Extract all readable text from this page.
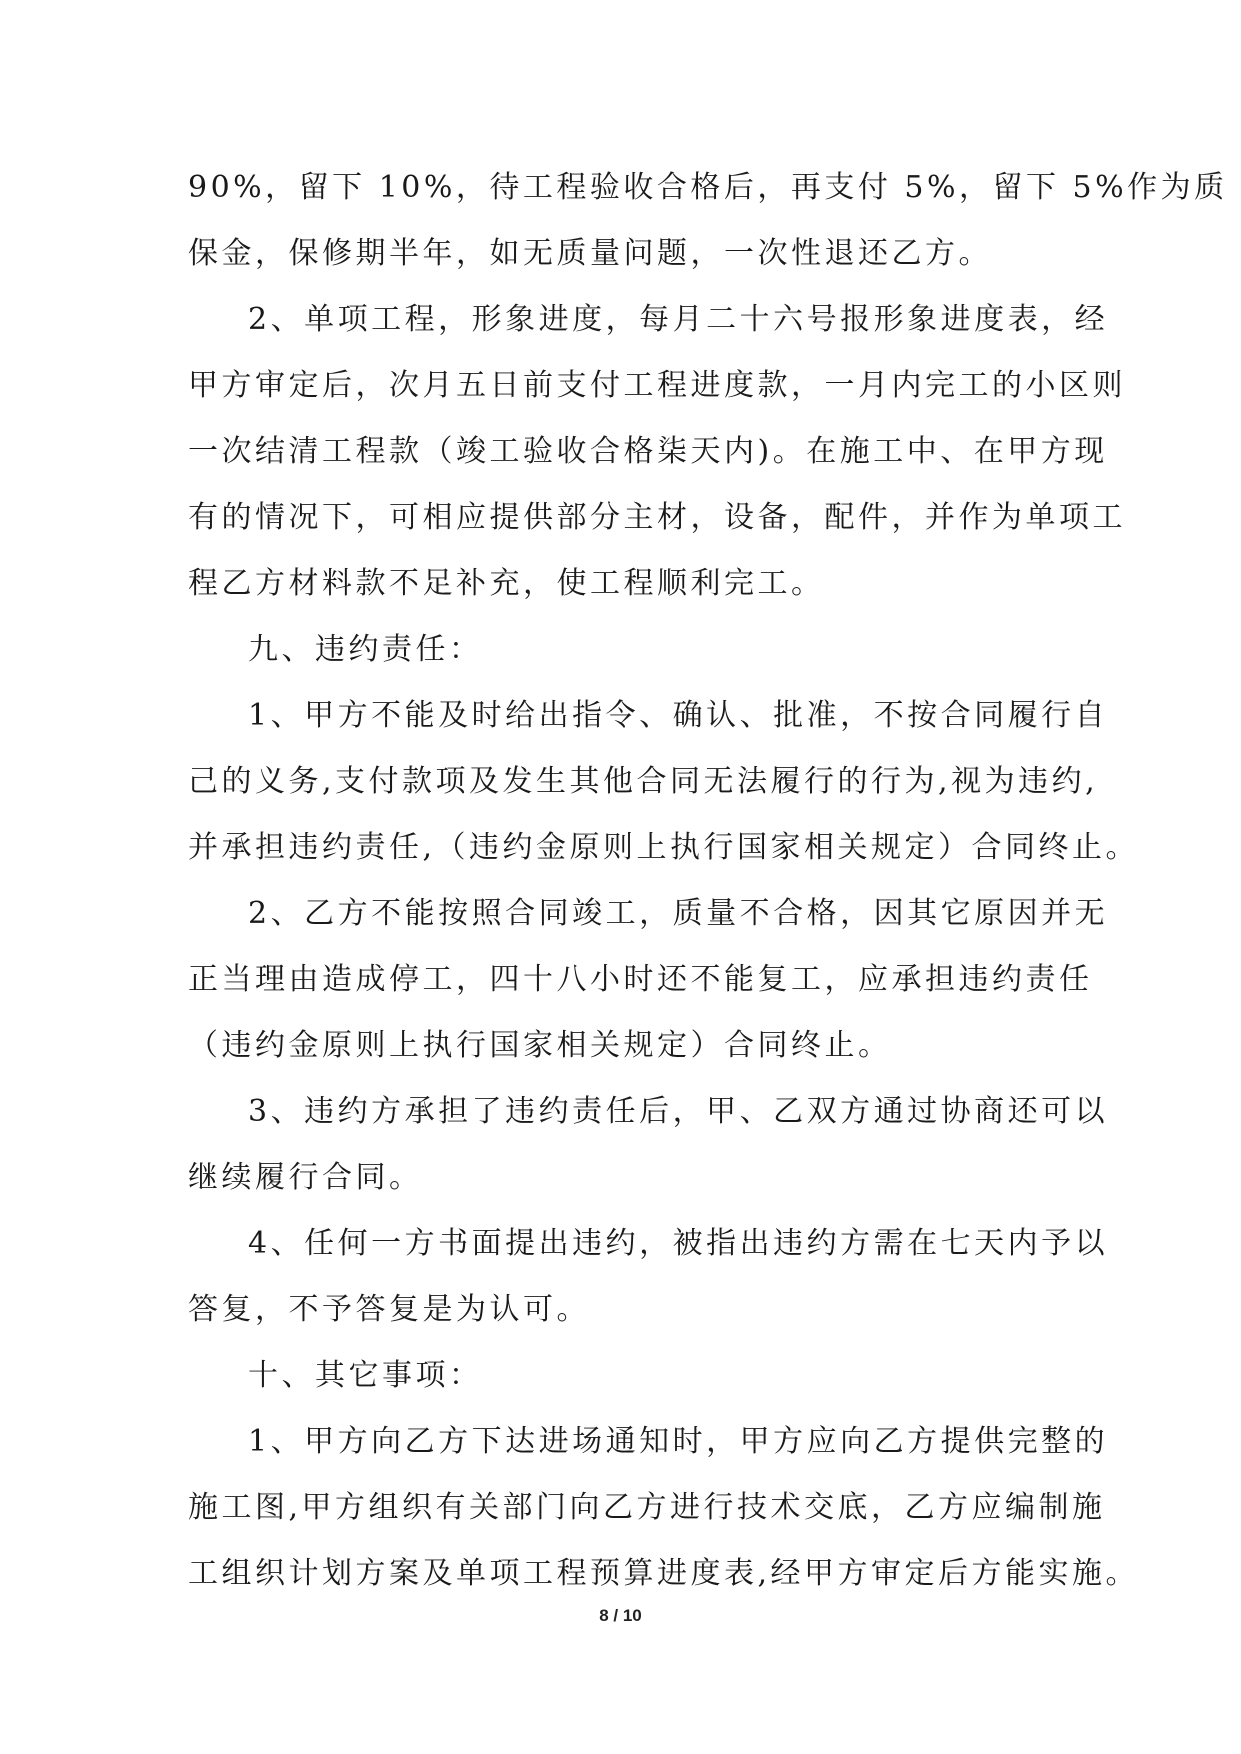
90%，留下 10%，待工程验收合格后，再支付 5%，留下 5%作为质
保金，保修期半年，如无质量问题，一次性退还乙方。
2、单项工程，形象进度，每月二十六号报形象进度表，经
甲方审定后，次月五日前支付工程进度款，一月内完工的小区则
一次结清工程款（竣工验收合格柒天内)。在施工中、在甲方现
有的情况下，可相应提供部分主材，设备，配件，并作为单项工
程乙方材料款不足补充，使工程顺利完工。
九、违约责任：
1、甲方不能及时给出指令、确认、批准，不按合同履行自
己的义务,支付款项及发生其他合同无法履行的行为,视为违约,
并承担违约责任,（违约金原则上执行国家相关规定）合同终止。
2、乙方不能按照合同竣工，质量不合格，因其它原因并无
正当理由造成停工，四十八小时还不能复工，应承担违约责任
（违约金原则上执行国家相关规定）合同终止。
3、违约方承担了违约责任后，甲、乙双方通过协商还可以
继续履行合同。
4、任何一方书面提出违约，被指出违约方需在七天内予以
答复，不予答复是为认可。
十、其它事项：
1、甲方向乙方下达进场通知时，甲方应向乙方提供完整的
施工图,甲方组织有关部门向乙方进行技术交底，乙方应编制施
工组织计划方案及单项工程预算进度表,经甲方审定后方能实施。
8 / 10
